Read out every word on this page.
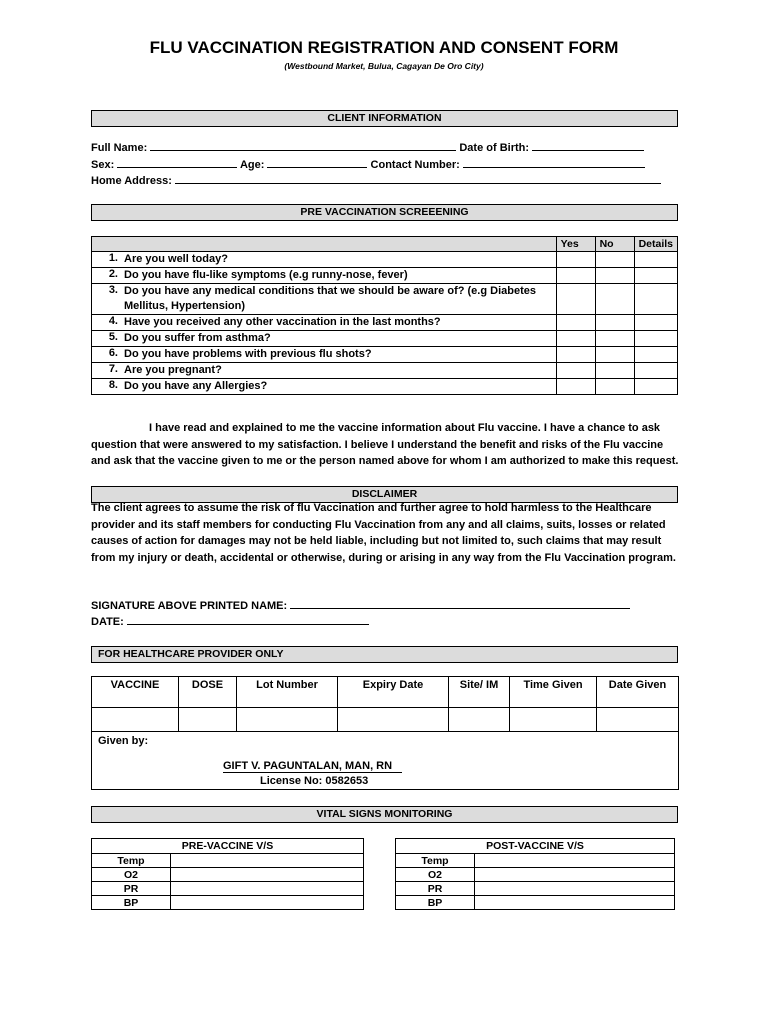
FLU VACCINATION REGISTRATION AND CONSENT FORM
(Westbound Market, Bulua, Cagayan De Oro City)
CLIENT INFORMATION
Full Name:	Date of Birth:
Sex:	Age:	Contact Number:
Home Address:
PRE VACCINATION SCREEENING
		Yes	No	Details
1.	Are you well today?			
2.	Do you have flu-like symptoms (e.g runny-nose, fever)			
3.	Do you have any medical conditions that we should be aware of? (e.g Diabetes Mellitus, Hypertension)			
4.	Have you received any other vaccination in the last months?			
5.	Do you suffer from asthma?			
6.	Do you have problems with previous flu shots?			
7.	Are you pregnant?			
8.	Do you have any Allergies?			
I have read and explained to me the vaccine information about Flu vaccine. I have a chance to ask question that were answered to my satisfaction. I believe I understand the benefit and risks of the Flu vaccine and ask that the vaccine given to me or the person named above for whom I am authorized to make this request.
DISCLAIMER
The client agrees to assume the risk of flu Vaccination and further agree to hold harmless to the Healthcare provider and its staff members for conducting Flu Vaccination from any and all claims, suits, losses or related causes of action for damages may not be held liable, including but not limited to, such claims that may result from my injury or death, accidental or otherwise, during or arising in any way from the Flu Vaccination program.
SIGNATURE ABOVE PRINTED NAME:
DATE:
FOR HEALTHCARE PROVIDER ONLY
VACCINE	DOSE	Lot Number	Expiry Date	Site/ IM	Time Given	Date Given

Given by:
GIFT V. PAGUNTALAN, MAN, RN
License No: 0582653						
VITAL SIGNS MONITORING
PRE-VACCINE V/S	
Temp	
O2	
PR	
BP	
POST-VACCINE V/S	
Temp	
O2	
PR	
BP	
